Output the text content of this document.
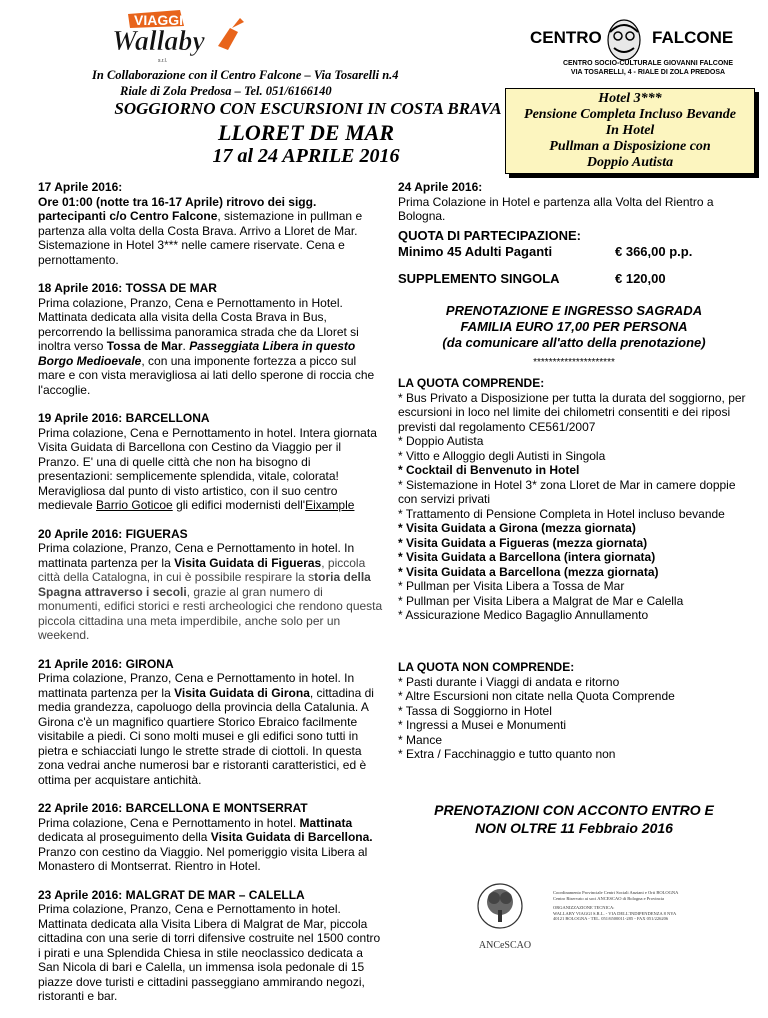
VIAGGI
Wallaby
s.r.l.
CENTRO	FALCONE
CENTRO SOCIO-CULTURALE GIOVANNI FALCONE
VIA TOSARELLI, 4 - RIALE DI ZOLA PREDOSA
In Collaborazione con il Centro Falcone – Via Tosarelli n.4
Riale di Zola Predosa – Tel. 051/6166140
SOGGIORNO CON ESCURSIONI IN COSTA BRAVA
LLORET DE MAR
17 al 24 APRILE 2016
Hotel 3***
Pensione Completa Incluso Bevande
In Hotel
Pullman a Disposizione con
Doppio Autista

17 Aprile 2016:
Ore 01:00 (notte tra 16-17 Aprile) ritrovo dei sigg. partecipanti c/o Centro Falcone, sistemazione in pullman e partenza alla volta della Costa Brava. Arrivo a Lloret de Mar. Sistemazione in Hotel 3*** nelle camere riservate. Cena e pernottamento.

18 Aprile 2016: TOSSA DE MAR
Prima colazione, Pranzo, Cena e Pernottamento in Hotel. Mattinata dedicata alla visita della Costa Brava in Bus, percorrendo la bellissima panoramica strada che da Lloret si inoltra verso Tossa de Mar. Passeggiata Libera in questo Borgo Medioevale, con una imponente fortezza a picco sul mare e con vista meravigliosa ai lati dello sperone di roccia che l'accoglie.

19 Aprile 2016: BARCELLONA
Prima colazione, Cena e Pernottamento in hotel. Intera giornata Visita Guidata di Barcellona con Cestino da Viaggio per il Pranzo. E' una di quelle città che non ha bisogno di presentazioni: semplicemente splendida, vitale, colorata! Meravigliosa dal punto di visto artistico, con il suo centro medievale Barrio Goticoe gli edifici modernisti dell'Eixample

20 Aprile 2016: FIGUERAS
Prima colazione, Pranzo, Cena e Pernottamento in hotel. In mattinata partenza per la Visita Guidata di Figueras, piccola città della Catalogna, in cui è possibile respirare la storia della Spagna attraverso i secoli, grazie al gran numero di monumenti, edifici storici e resti archeologici che rendono questa piccola cittadina una meta imperdibile, anche solo per un weekend.

21 Aprile 2016: GIRONA
Prima colazione, Pranzo, Cena e Pernottamento in hotel. In mattinata partenza per la Visita Guidata di Girona, cittadina di media grandezza, capoluogo della provincia della Catalunia. A Girona c'è un magnifico quartiere Storico Ebraico facilmente visitabile a piedi. Ci sono molti musei e gli edifici sono tutti in pietra e schiacciati lungo le strette strade di ciottoli. In questa zona vedrai anche numerosi bar e ristoranti caratteristici, ed è ottima per acquistare antichità.

22 Aprile 2016: BARCELLONA E MONTSERRAT
Prima colazione, Cena e Pernottamento in hotel. Mattinata dedicata al proseguimento della Visita Guidata di Barcellona. Pranzo con cestino da Viaggio. Nel pomeriggio visita Libera al Monastero di Montserrat. Rientro in Hotel.

23 Aprile 2016: MALGRAT DE MAR – CALELLA
Prima colazione, Pranzo, Cena e Pernottamento in hotel. Mattinata dedicata alla Visita Libera di Malgrat de Mar, piccola cittadina con una serie di torri difensive costruite nel 1500 contro i pirati e una Splendida Chiesa in stile neoclassico dedicata a San Nicola di bari e Calella, un immensa isola pedonale di 15 piazze dove turisti e cittadini passeggiano ammirando negozi, ristoranti e bar.

24 Aprile 2016:
Prima Colazione in Hotel e partenza alla Volta del Rientro a Bologna.
QUOTA DI PARTECIPAZIONE:
Minimo 45 Adulti Paganti	€ 366,00 p.p.
SUPPLEMENTO SINGOLA	€ 120,00
PRENOTAZIONE E INGRESSO SAGRADA
FAMILIA EURO 17,00 PER PERSONA
(da comunicare all'atto della prenotazione)
*********************
LA QUOTA COMPRENDE:
* Bus Privato a Disposizione per tutta la durata del soggiorno, per escursioni in loco nel limite dei chilometri consentiti e dei riposi previsti dal regolamento CE561/2007
* Doppio Autista
* Vitto e Alloggio degli Autisti in Singola
* Cocktail di Benvenuto in Hotel
* Sistemazione in Hotel 3* zona Lloret de Mar in camere doppie con servizi privati
* Trattamento di Pensione Completa in Hotel incluso bevande
* Visita Guidata a Girona (mezza giornata)
* Visita Guidata a Figueras (mezza giornata)
* Visita Guidata a Barcellona (intera giornata)
* Visita Guidata a Barcellona (mezza giornata)
* Pullman per Visita Libera a Tossa de Mar
* Pullman per Visita Libera a Malgrat de Mar e Calella
* Assicurazione Medico Bagaglio Annullamento
LA QUOTA NON COMPRENDE:
* Pasti durante i Viaggi di andata e ritorno
* Altre Escursioni non citate nella Quota Comprende
* Tassa di Soggiorno in Hotel
* Ingressi a Musei e Monumenti
* Mance
* Extra / Facchinaggio e tutto quanto non
PRENOTAZIONI CON ACCONTO ENTRO E
NON OLTRE 11 Febbraio 2016
ANCeSCAO
Coordinamento Provinciale Centri Sociali Anziani e Orti BOLOGNA
Centro Riservato ai soci ANCESCAO di Bologna e Provincia
ORGANIZZAZIONE TECNICA:
WALLABY VIAGGI S.R.L. - VIA DELL'INDIPENDENZA 8 NYA
40121 BOLOGNA - TEL. 051/6500011-285 - FAX 051/226206
